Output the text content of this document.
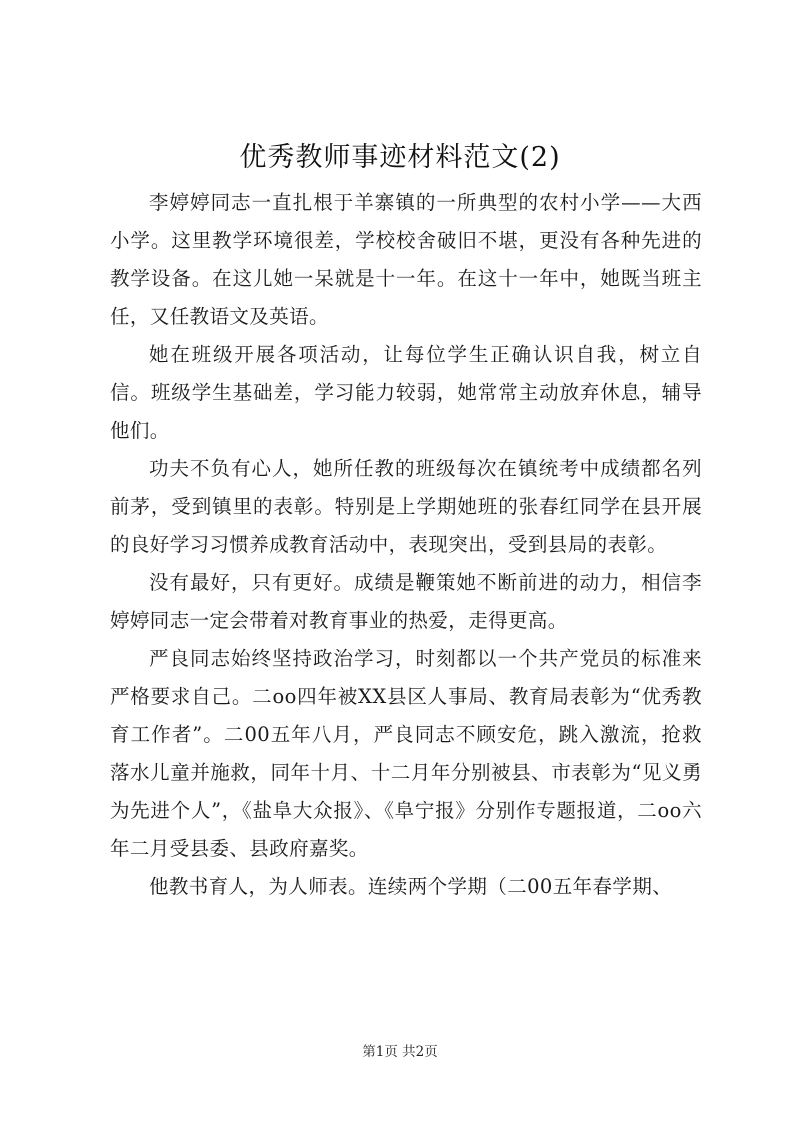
优秀教师事迹材料范文(2)

李婷婷同志一直扎根于羊寨镇的一所典型的农村小学——大西小学。这里教学环境很差，学校校舍破旧不堪，更没有各种先进的教学设备。在这儿她一呆就是十一年。在这十一年中，她既当班主任，又任教语文及英语。

她在班级开展各项活动，让每位学生正确认识自我，树立自信。班级学生基础差，学习能力较弱，她常常主动放弃休息，辅导他们。

功夫不负有心人，她所任教的班级每次在镇统考中成绩都名列前茅，受到镇里的表彰。特别是上学期她班的张春红同学在县开展的良好学习习惯养成教育活动中，表现突出，受到县局的表彰。

没有最好，只有更好。成绩是鞭策她不断前进的动力，相信李婷婷同志一定会带着对教育事业的热爱，走得更高。

严良同志始终坚持政治学习，时刻都以一个共产党员的标准来严格要求自己。二oo四年被XX县区人事局、教育局表彰为“优秀教育工作者”。二00五年八月，严良同志不顾安危，跳入激流，抢救落水儿童并施救，同年十月、十二月年分别被县、市表彰为“见义勇为先进个人”，《盐阜大众报》、《阜宁报》分别作专题报道，二oo六年二月受县委、县政府嘉奖。

他教书育人，为人师表。连续两个学期（二00五年春学期、

第1页 共2页
